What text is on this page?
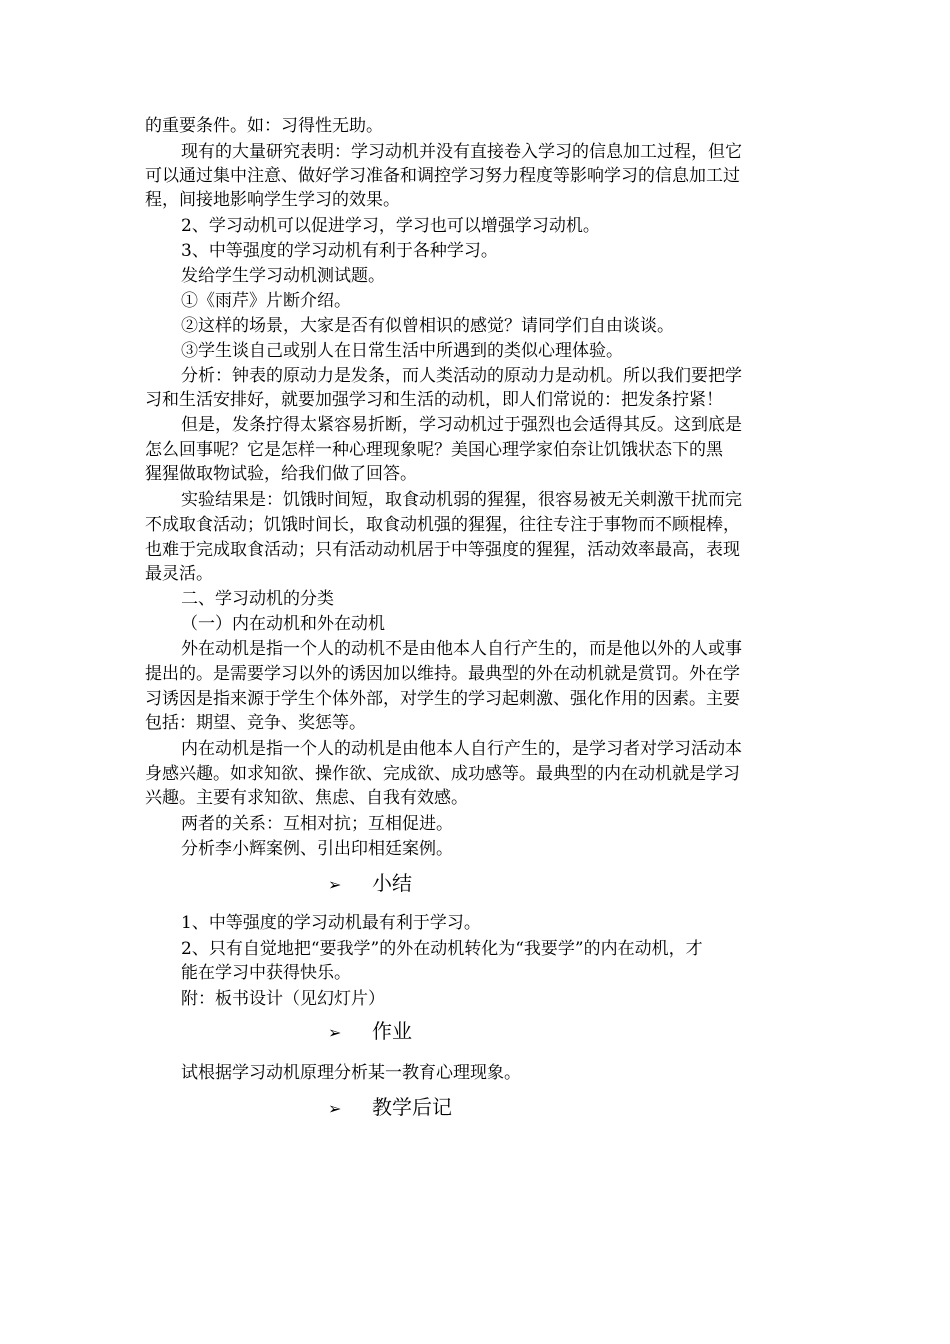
的重要条件。如：习得性无助。
现有的大量研究表明：学习动机并没有直接卷入学习的信息加工过程，但它
可以通过集中注意、做好学习准备和调控学习努力程度等影响学习的信息加工过
程，间接地影响学生学习的效果。
2、学习动机可以促进学习，学习也可以增强学习动机。
3、中等强度的学习动机有利于各种学习。
发给学生学习动机测试题。
①《雨芹》片断介绍。
②这样的场景，大家是否有似曾相识的感觉？请同学们自由谈谈。
③学生谈自己或别人在日常生活中所遇到的类似心理体验。
分析：钟表的原动力是发条，而人类活动的原动力是动机。所以我们要把学
习和生活安排好，就要加强学习和生活的动机，即人们常说的：把发条拧紧！
但是，发条拧得太紧容易折断，学习动机过于强烈也会适得其反。这到底是
怎么回事呢？它是怎样一种心理现象呢？美国心理学家伯奈让饥饿状态下的黑
猩猩做取物试验，给我们做了回答。
实验结果是：饥饿时间短，取食动机弱的猩猩，很容易被无关刺激干扰而完
不成取食活动；饥饿时间长，取食动机强的猩猩，往往专注于事物而不顾棍棒，
也难于完成取食活动；只有活动动机居于中等强度的猩猩，活动效率最高，表现
最灵活。
二、学习动机的分类
（一）内在动机和外在动机
外在动机是指一个人的动机不是由他本人自行产生的，而是他以外的人或事
提出的。是需要学习以外的诱因加以维持。最典型的外在动机就是赏罚。外在学
习诱因是指来源于学生个体外部，对学生的学习起刺激、强化作用的因素。主要
包括：期望、竞争、奖惩等。
内在动机是指一个人的动机是由他本人自行产生的，是学习者对学习活动本
身感兴趣。如求知欲、操作欲、完成欲、成功感等。最典型的内在动机就是学习
兴趣。主要有求知欲、焦虑、自我有效感。
两者的关系：互相对抗；互相促进。
分析李小辉案例、引出印相廷案例。
➢ 小结
1、中等强度的学习动机最有利于学习。
2、只有自觉地把“要我学”的外在动机转化为“我要学”的内在动机，才
能在学习中获得快乐。
附：板书设计（见幻灯片）
➢ 作业
试根据学习动机原理分析某一教育心理现象。
➢ 教学后记
